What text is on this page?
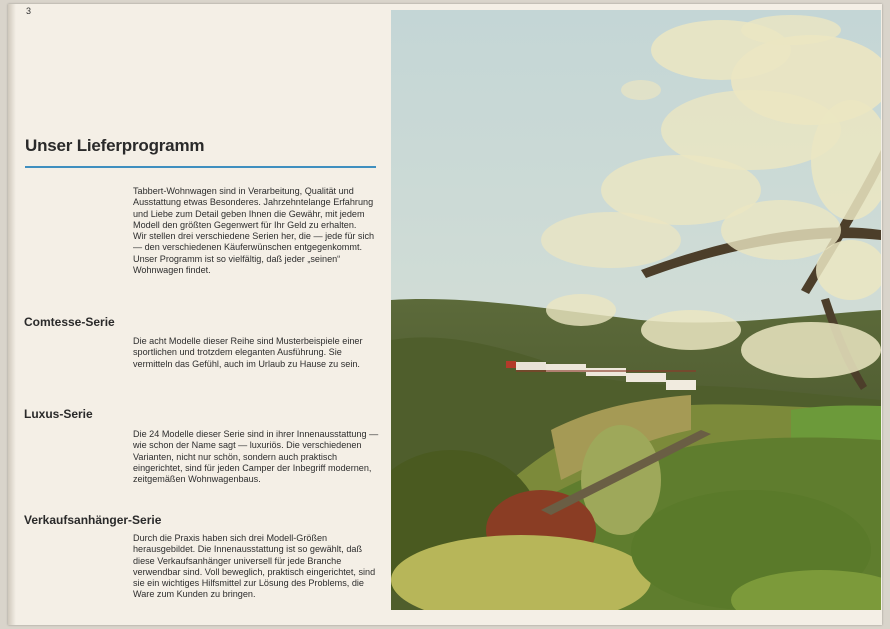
3
Unser Lieferprogramm

Tabbert-Wohnwagen sind in Verarbeitung, Qualität und Ausstattung etwas Besonderes. Jahrzehntelange Erfahrung und Liebe zum Detail geben Ihnen die Gewähr, mit jedem Modell den größten Gegenwert für Ihr Geld zu erhalten.

Wir stellen drei verschiedene Serien her, die — jede für sich — den verschiedenen Käuferwünschen entgegenkommt. Unser Programm ist so vielfältig, daß jeder „seinen“ Wohnwagen findet.

Comtesse-Serie
Die acht Modelle dieser Reihe sind Musterbeispiele einer sportlichen und trotzdem eleganten Ausführung. Sie vermitteln das Gefühl, auch im Urlaub zu Hause zu sein.
Luxus-Serie
Die 24 Modelle dieser Serie sind in ihrer Innenausstattung — wie schon der Name sagt — luxuriös. Die verschiedenen Varianten, nicht nur schön, sondern auch praktisch eingerichtet, sind für jeden Camper der Inbegriff modernen, zeitgemäßen Wohnwagenbaus.
Verkaufsanhänger-Serie
Durch die Praxis haben sich drei Modell-Größen herausgebildet. Die Innenausstattung ist so gewählt, daß diese Verkaufsanhänger universell für jede Branche verwendbar sind. Voll beweglich, praktisch eingerichtet, sind sie ein wichtiges Hilfsmittel zur Lösung des Problems, die Ware zum Kunden zu bringen.
